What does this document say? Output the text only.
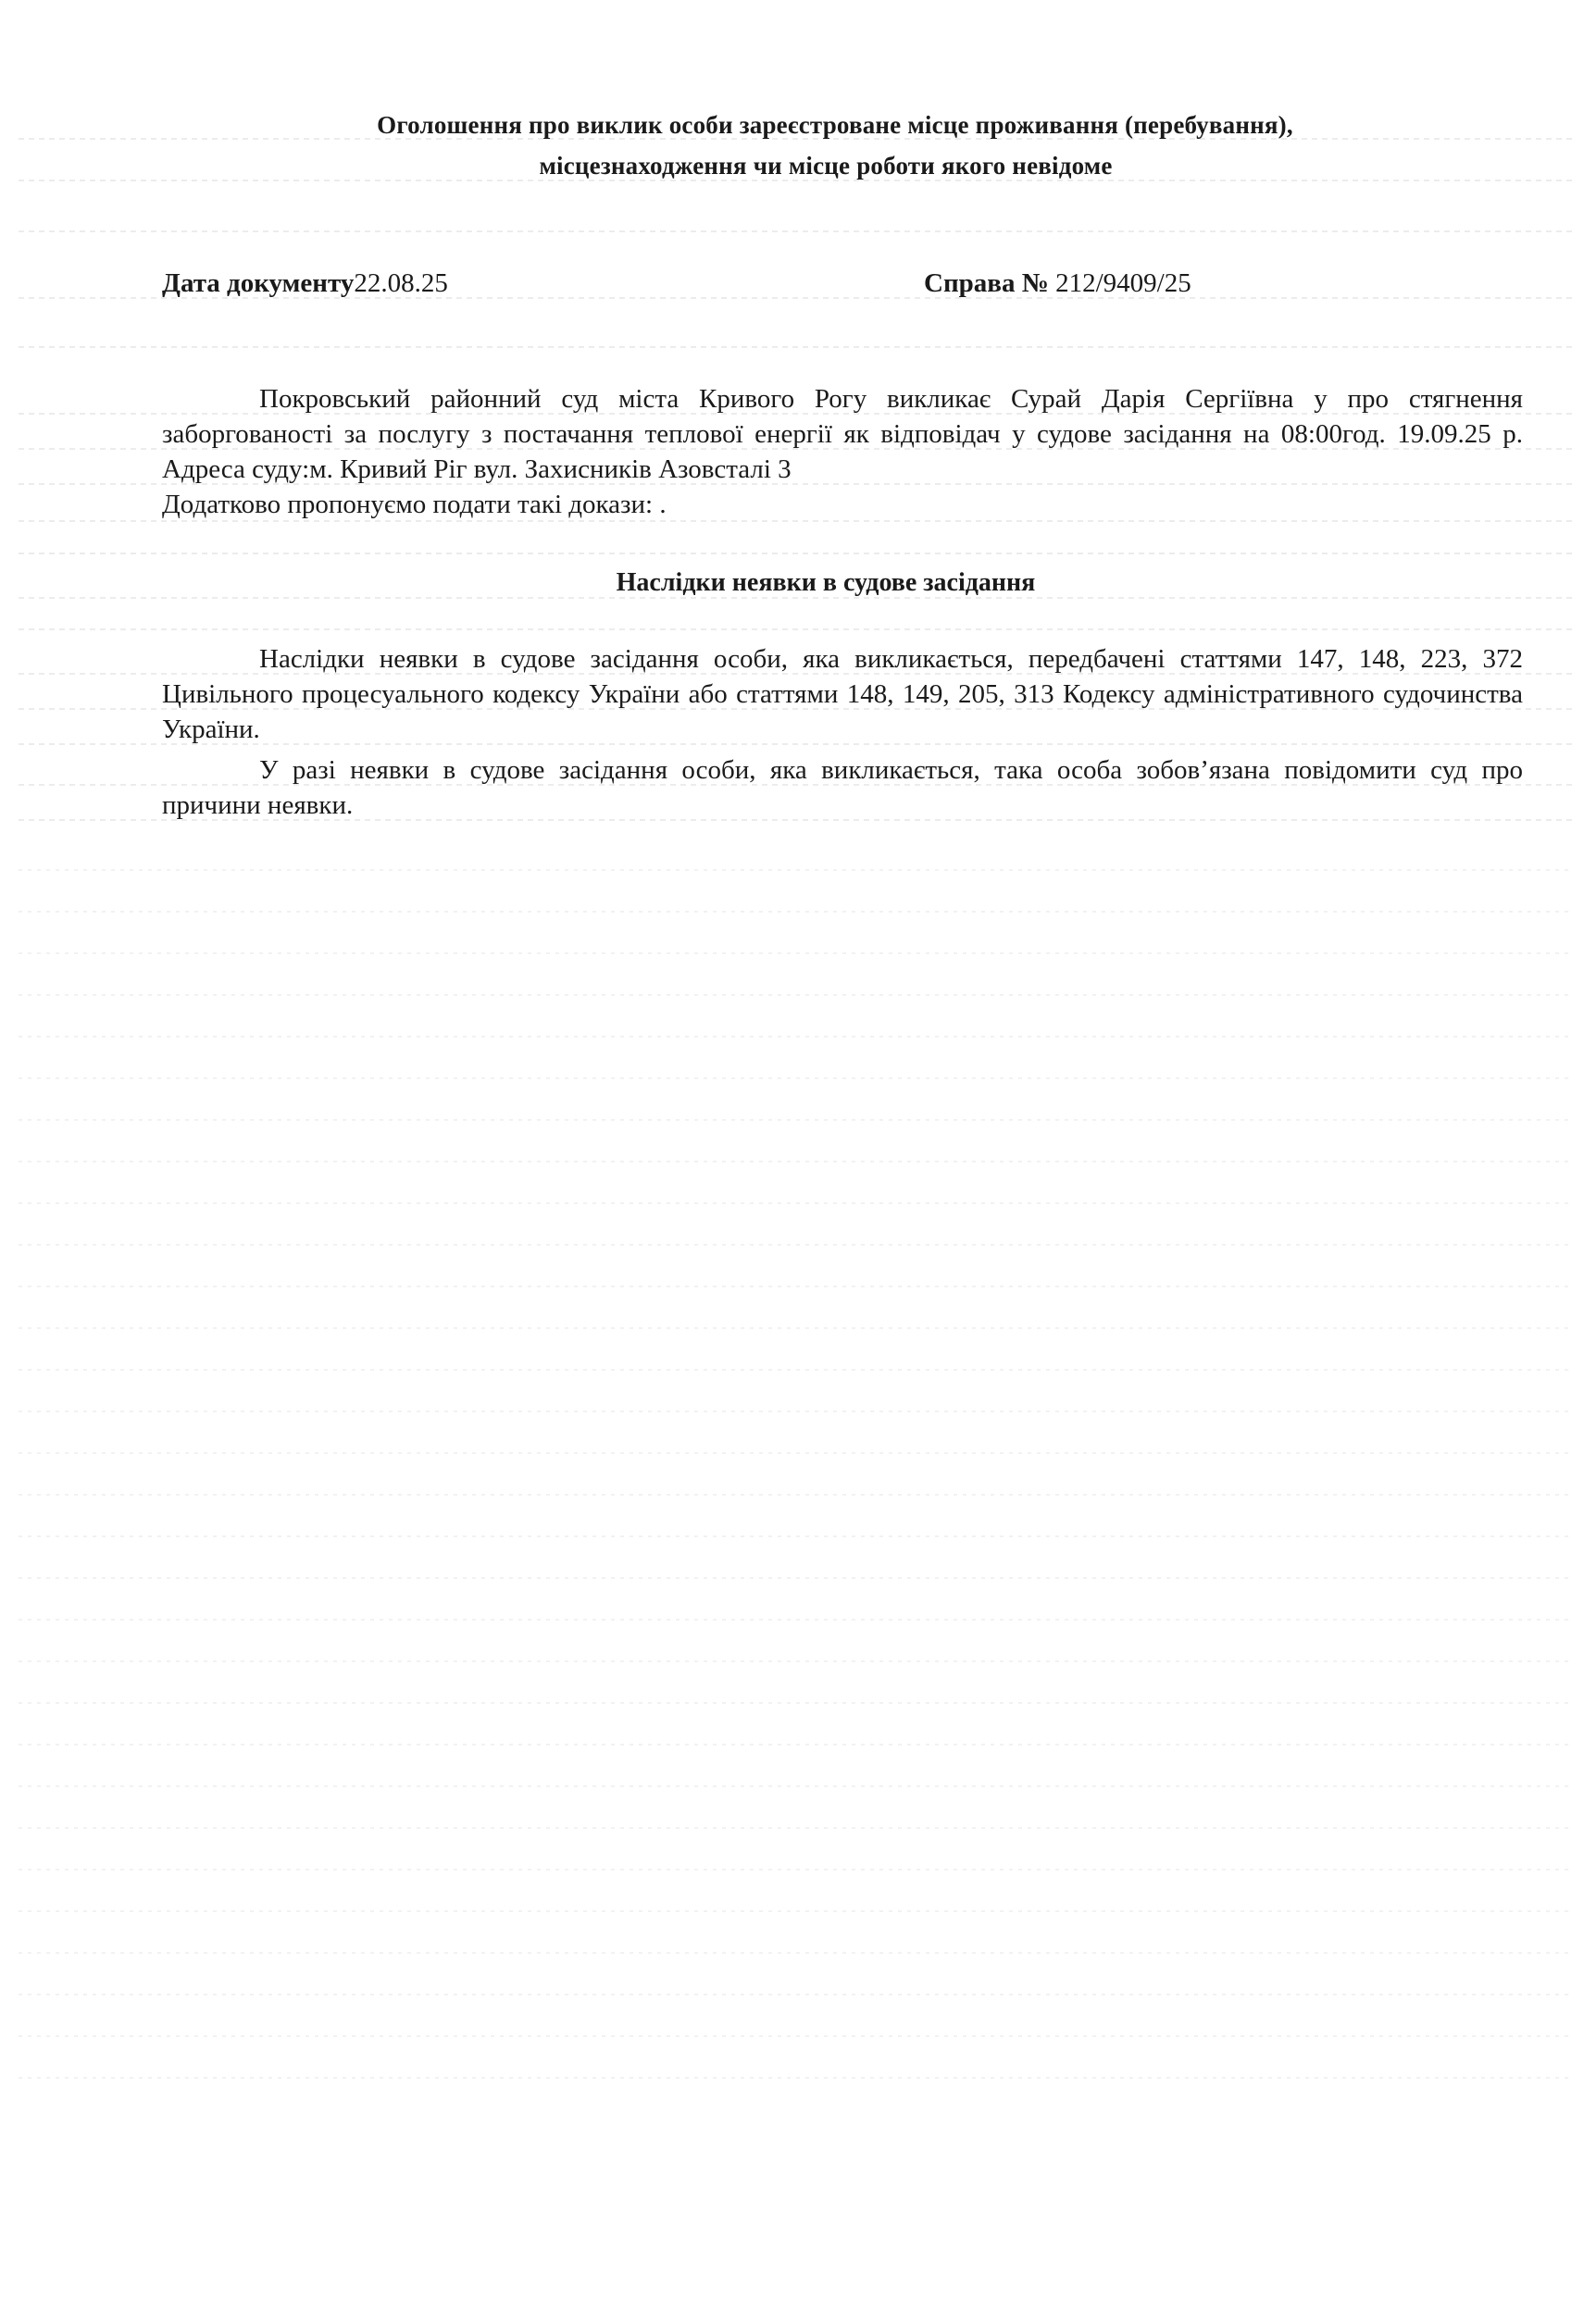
Оголошення про виклик особи зареєстроване місце проживання (перебування),
місцезнаходження чи місце роботи якого невідоме
Дата документу22.08.25	Справа № 212/9409/25
Покровський районний суд міста Кривого Рогу викликає Сурай Дарія Сергіївна у про стягнення заборгованості за послугу з постачання теплової енергії як відповідач у судове засідання на 08:00год. 19.09.25 р. Адреса суду:м. Кривий Ріг вул. Захисників Азовсталі 3
Додатково пропонуємо подати такі докази: .
Наслідки неявки в судове засідання
Наслідки неявки в судове засідання особи, яка викликається, передбачені статтями 147, 148, 223, 372 Цивільного процесуального кодексу України або статтями 148, 149, 205, 313 Кодексу адміністративного судочинства України.
У разі неявки в судове засідання особи, яка викликається, така особа зобов’язана повідомити суд про причини неявки.
